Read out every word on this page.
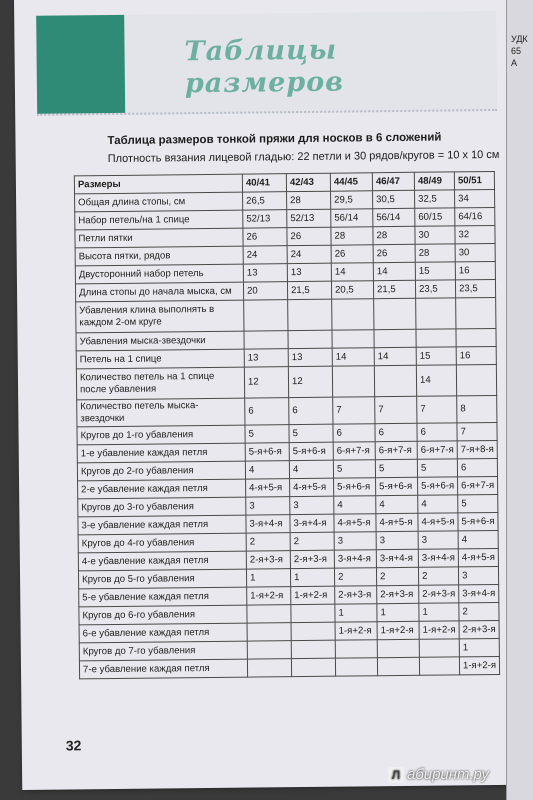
Таблицы
размеров
Таблица размеров тонкой пряжи для носков в 6 сложений
Плотность вязания лицевой гладью: 22 петли и 30 рядов/кругов = 10 х 10 см
Размеры	40/41	42/43	44/45	46/47	48/49	50/51
Общая длина стопы, см	26,5	28	29,5	30,5	32,5	34
Набор петель/на 1 спице	52/13	52/13	56/14	56/14	60/15	64/16
Петли пятки	26	26	28	28	30	32
Высота пятки, рядов	24	24	26	26	28	30
Двусторонний набор петель	13	13	14	14	15	16
Длина стопы до начала мыска, см	20	21,5	20,5	21,5	23,5	23,5
Убавления клина выполнять в каждом 2-ом круге						
Убавления мыска-звездочки						
Петель на 1 спице	13	13	14	14	15	16
Количество петель на 1 спице после убавления	12	12			14	
Количество петель мыска-звездочки	6	6	7	7	7	8
Кругов до 1-го убавления	5	5	6	6	6	7
1-е убавление каждая петля	5-я+6-я	5-я+6-я	6-я+7-я	6-я+7-я	6-я+7-я	7-я+8-я
Кругов до 2-го убавления	4	4	5	5	5	6
2-е убавление каждая петля	4-я+5-я	4-я+5-я	5-я+6-я	5-я+6-я	5-я+6-я	6-я+7-я
Кругов до 3-го убавления	3	3	4	4	4	5
3-е убавление каждая петля	3-я+4-я	3-я+4-я	4-я+5-я	4-я+5-я	4-я+5-я	5-я+6-я
Кругов до 4-го убавления	2	2	3	3	3	4
4-е убавление каждая петля	2-я+3-я	2-я+3-я	3-я+4-я	3-я+4-я	3-я+4-я	4-я+5-я
Кругов до 5-го убавления	1	1	2	2	2	3
5-е убавление каждая петля	1-я+2-я	1-я+2-я	2-я+3-я	2-я+3-я	2-я+3-я	3-я+4-я
Кругов до 6-го убавления			1	1	1	2
6-е убавление каждая петля			1-я+2-я	1-я+2-я	1-я+2-я	2-я+3-я
Кругов до 7-го убавления						1
7-е убавление каждая петля						1-я+2-я
32
УДК
65
А
Л абиринт.ру
